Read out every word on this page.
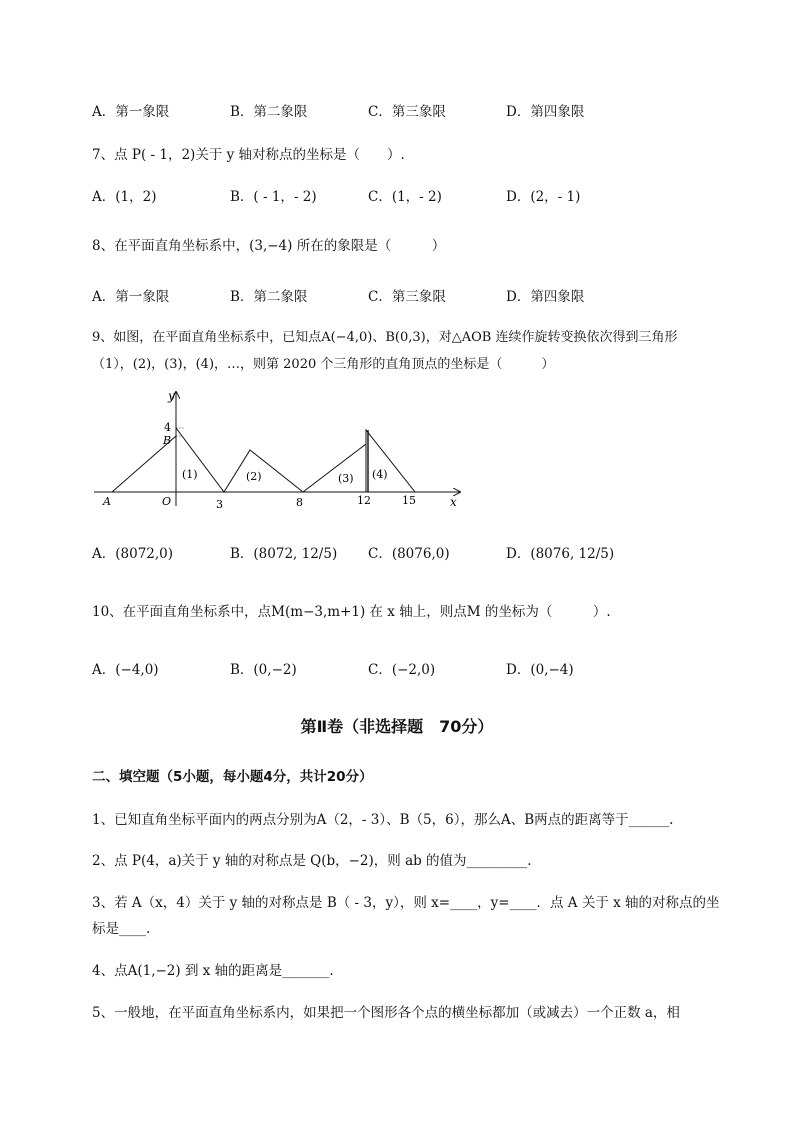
A．第一象限	B．第二象限	C．第三象限	D．第四象限
7、点 P( - 1，2)关于 y 轴对称点的坐标是（　　）.
A．(1，2)	B．( - 1，- 2)	C．(1，- 2)	D．(2，- 1)
8、在平面直角坐标系中，(3,−4) 所在的象限是（　　　）
A．第一象限	B．第二象限	C．第三象限	D．第四象限
9、如图，在平面直角坐标系中，已知点A(−4,0)、B(0,3)，对△AOB 连续作旋转变换依次得到三角形
（1），(2)，(3)，(4)，…，则第 2020 个三角形的直角顶点的坐标是（　　　）
y
x
4
B
A	O	3	8	12	15
(1)	(2)	(3) (4)
A．(8072,0)	B．(8072, 12/5) C．(8076,0)	D．(8076, 12/5)
10、在平面直角坐标系中，点M(m−3,m+1) 在 x 轴上，则点M 的坐标为（　　　）.
A．(−4,0)	B．(0,−2)	C．(−2,0)	D．(0,−4)
第Ⅱ卷（非选择题　70分）
二、填空题（5小题，每小题4分，共计20分）
1、已知直角坐标平面内的两点分别为A（2，- 3）、B（5，6），那么A、B两点的距离等于______.
2、点 P(4，a)关于 y 轴的对称点是 Q(b，−2)，则 ab 的值为_________.
3、若 A（x，4）关于 y 轴的对称点是 B（ - 3，y），则 x=____，y=____．点 A 关于 x 轴的对称点的坐
标是____.
4、点A(1,−2) 到 x 轴的距离是_______.
5、一般地，在平面直角坐标系内，如果把一个图形各个点的横坐标都加（或减去）一个正数 a，相
